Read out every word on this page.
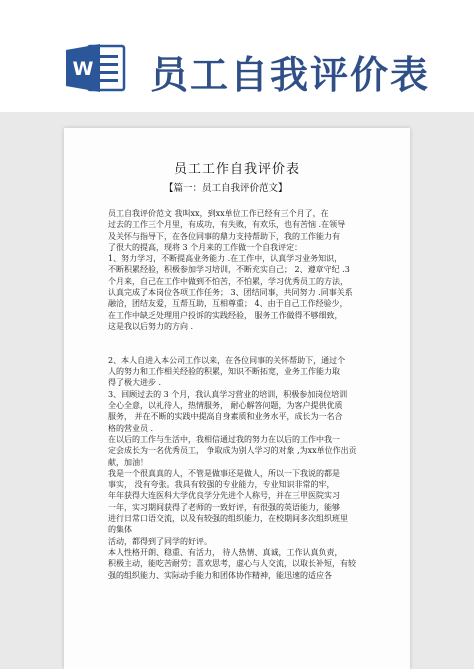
W 员工自我评价表
员工工作自我评价表
【篇一：员工自我评价范文】
员工自我评价范文 我叫xx，到xx单位工作已经有三个月了，在
过去的工作三个月里，有成功，有失败，有欢乐，也有苦恼 .在领导
及关怀与指导下，在各位同事的鼎力支持帮助下，我的工作能力有
了很大的提高，现将 3 个月来的工作做一个自我评定：
1、努力学习，不断提高业务能力 .在工作中，认真学习业务知识，
不断积累经验，积极参加学习培训，不断充实自己； 2、遵章守纪 .3
个月来，自己在工作中做到不怕苦，不怕累，学习优秀员工的方法，
认真完成了本岗位各项工作任务； 3、团结同事，共同努力 .同事关系
融洽，团结友爱，互帮互助，互相尊重； 4、由于自己工作经验少，
在工作中缺乏处理用户投诉的实践经验， 服务工作做得不够细致，
这是我以后努力的方向 .
2、本人自进入本公司工作以来，在各位同事的关怀帮助下，通过个
人的努力和工作相关经验的积累，知识不断拓宽，业务工作能力取
得了极大进步 .
3、回顾过去的 3 个月，我认真学习营业的培训，积极参加岗位培训
全心全意，以礼待人，热情服务， 耐心解答问题，为客户提供优质
服务， 并在不断的实践中提高自身素质和业务水平，成长为一名合
格的营业员 .
在以后的工作与生活中，我相信通过我的努力在以后的工作中我一
定会成长为一名优秀员工， 争取成为别人学习的对象 ,为xx单位作出贡
献，加油！
我是一个很真真的人，不管是做事还是做人，所以一下我说的都是
事实， 没有夸张。我具有较强的专业能力，专业知识非常的牢，
年年获得大连医科大学优良学分先进个人称号，并在三甲医院实习
一年，实习期间获得了老师的一致好评，有很强的英语能力，能够
进行日常口语交流，以及有较强的组织能力，在校期间多次组织班里
的集体
活动，都得到了同学的好评。
本人性格开朗、稳重、有活力， 待人热情、真诚，工作认真负责，
积极主动，能吃苦耐劳；喜欢思考，虚心与人交流，以取长补短，有较
强的组织能力、实际动手能力和团体协作精神，能迅速的适应各
